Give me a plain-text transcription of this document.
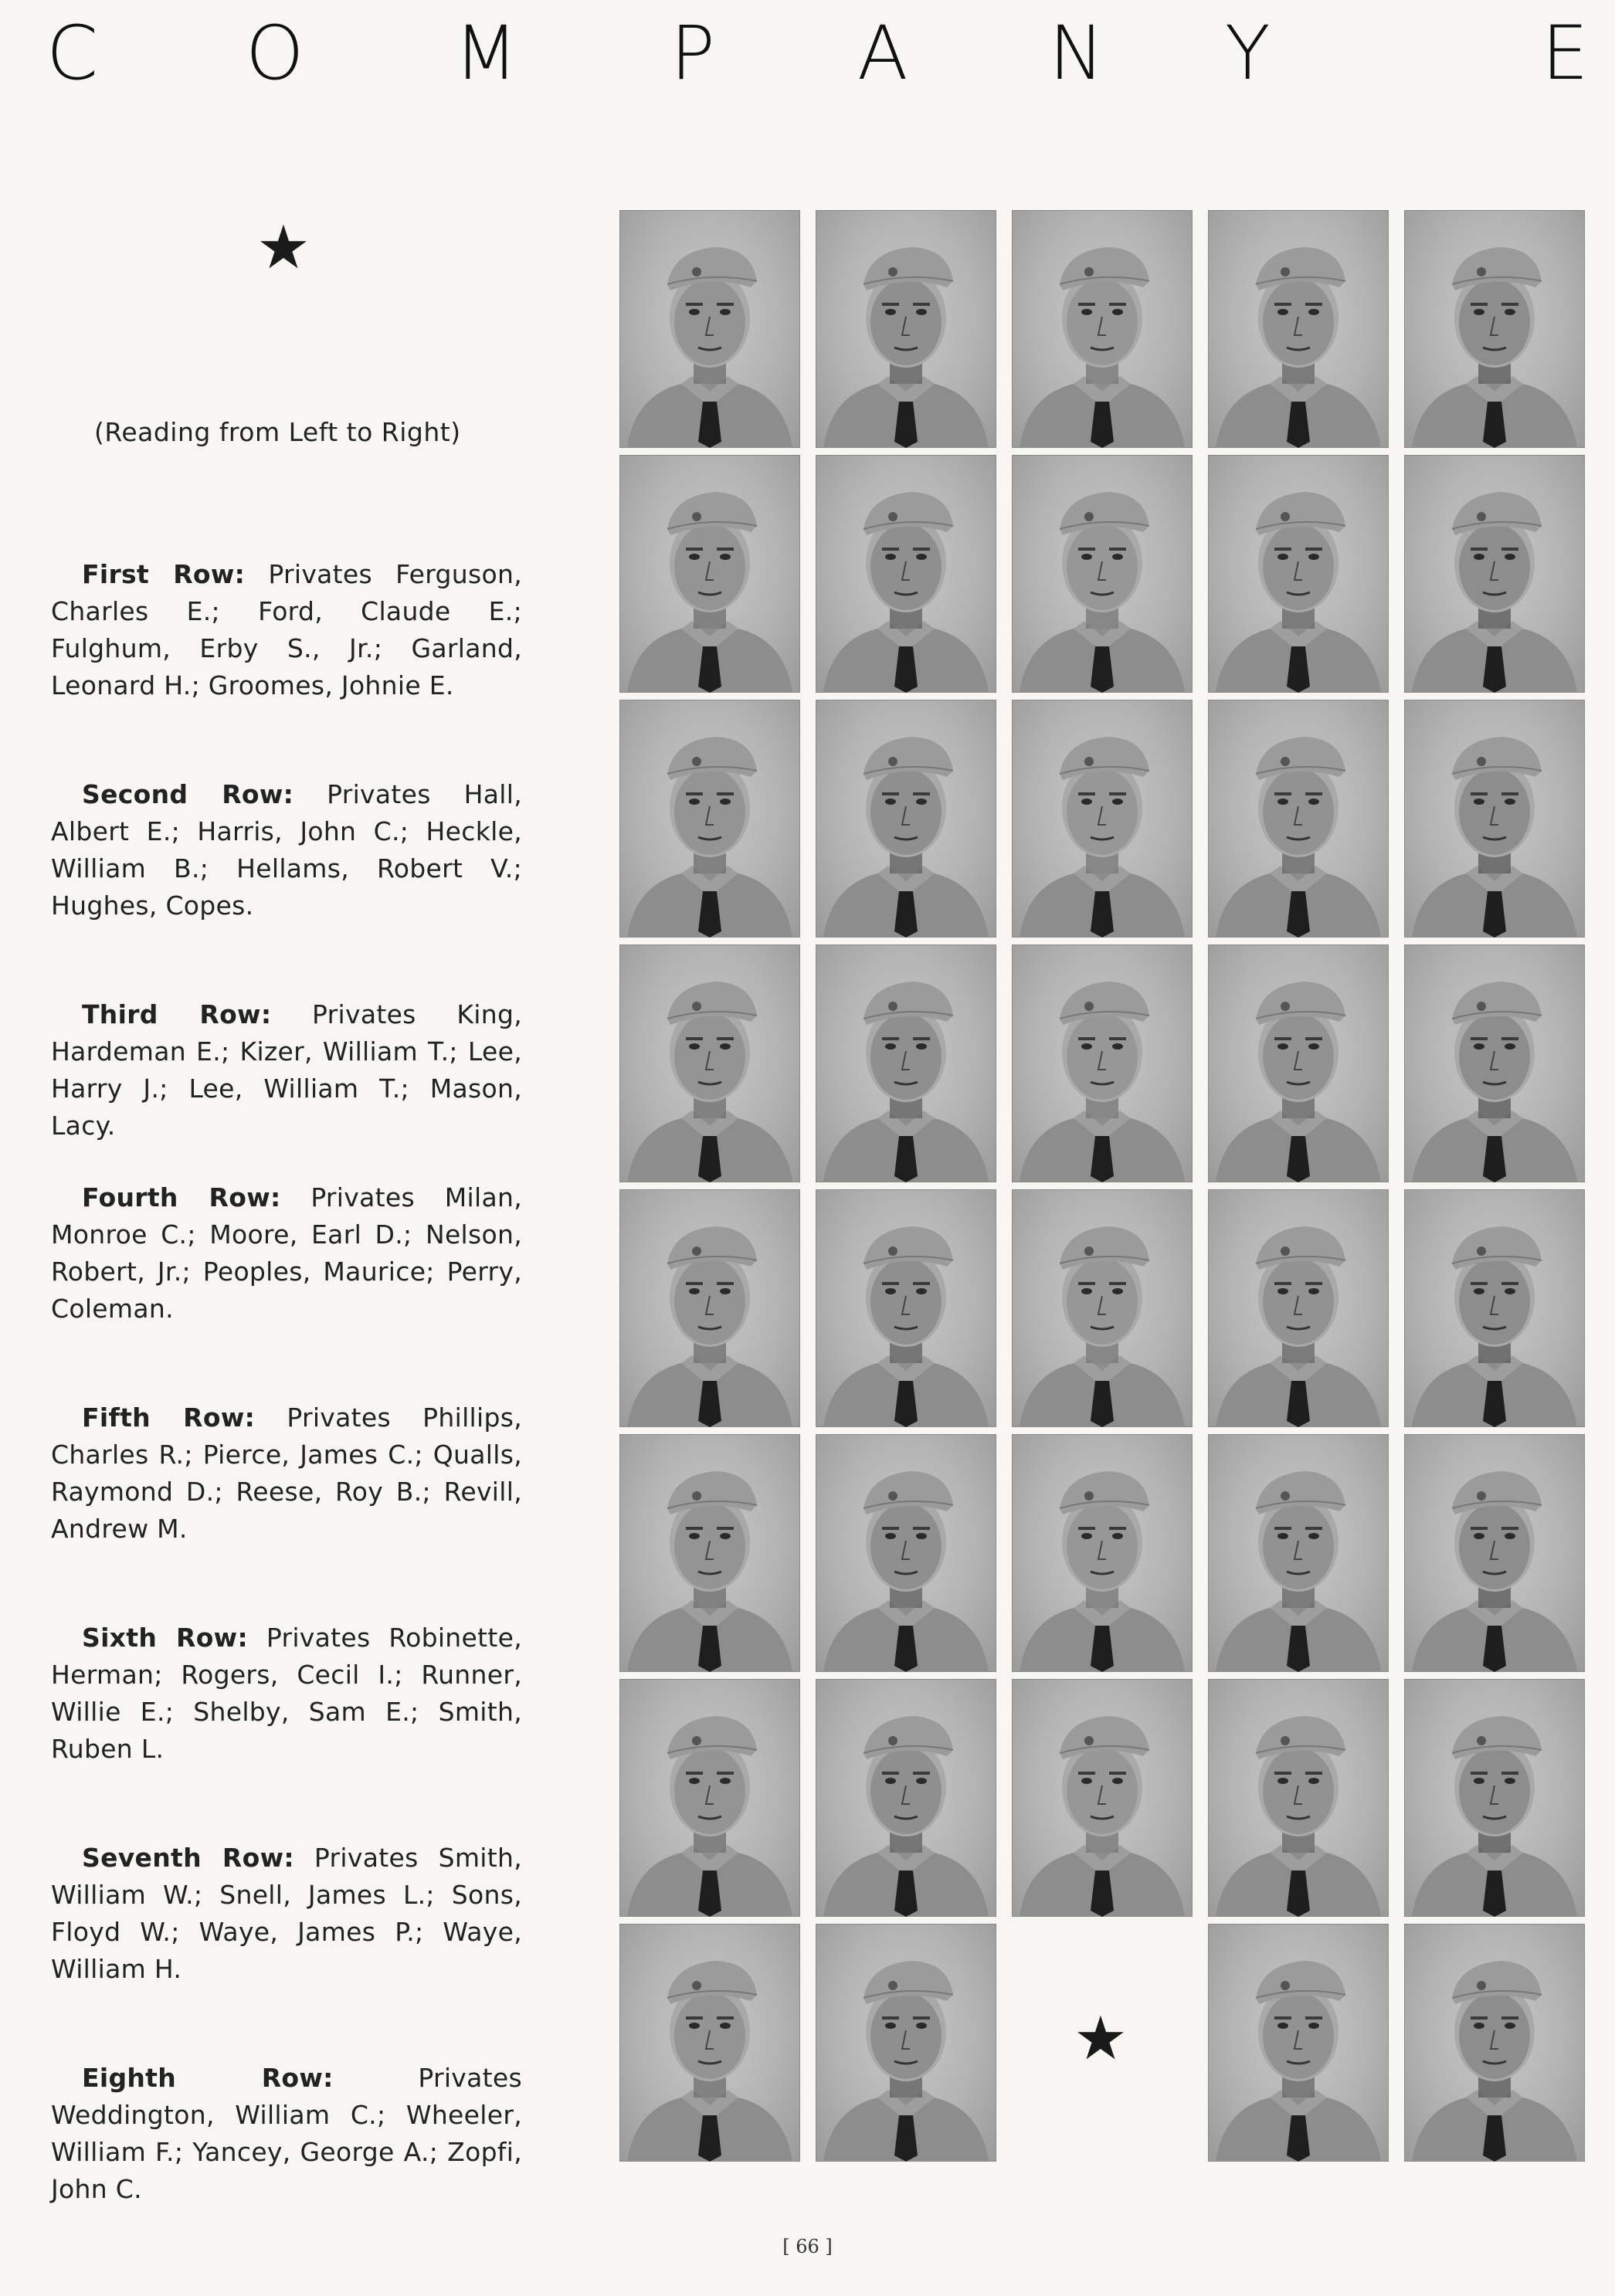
C O M P A N Y	E
★
(Reading from Left to Right)
First Row: Privates Ferguson, Charles E.; Ford, Claude E.; Fulghum, Erby S., Jr.; Garland, Leonard H.; Groomes, Johnie E.
Second Row: Privates Hall, Albert E.; Harris, John C.; Heckle, William B.; Hellams, Robert V.; Hughes, Copes.
Third Row: Privates King, Hardeman E.; Kizer, William T.; Lee, Harry J.; Lee, William T.; Mason, Lacy.
Fourth Row: Privates Milan, Monroe C.; Moore, Earl D.; Nelson, Robert, Jr.; Peoples, Maurice; Perry, Coleman.
Fifth Row: Privates Phillips, Charles R.; Pierce, James C.; Qualls, Raymond D.; Reese, Roy B.; Revill, Andrew M.
Sixth Row: Privates Robinette, Herman; Rogers, Cecil I.; Runner, Willie E.; Shelby, Sam E.; Smith, Ruben L.
Seventh Row: Privates Smith, William W.; Snell, James L.; Sons, Floyd W.; Waye, James P.; Waye, William H.
Eighth Row:	Privates Weddington, William C.; Wheeler, William F.; Yancey, George A.; Zopfi, John C.
★
[ 66 ]
